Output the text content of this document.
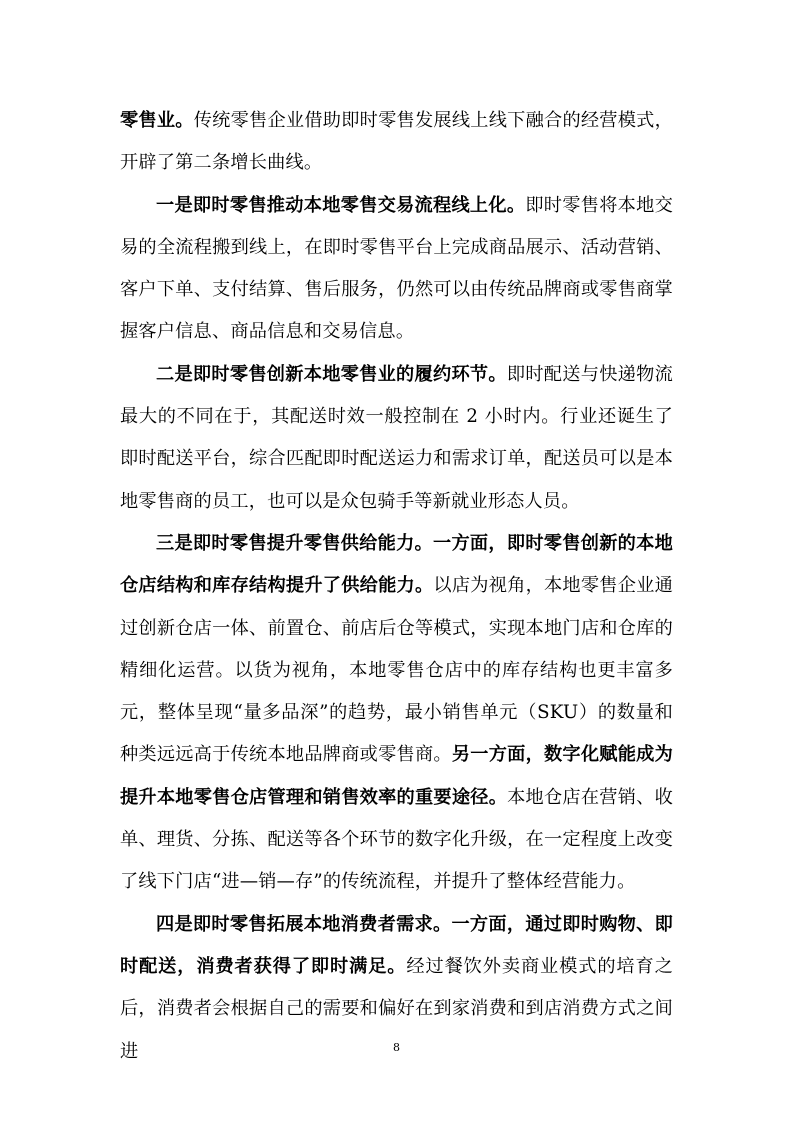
零售业。传统零售企业借助即时零售发展线上线下融合的经营模式，开辟了第二条增长曲线。

一是即时零售推动本地零售交易流程线上化。即时零售将本地交易的全流程搬到线上，在即时零售平台上完成商品展示、活动营销、客户下单、支付结算、售后服务，仍然可以由传统品牌商或零售商掌握客户信息、商品信息和交易信息。

二是即时零售创新本地零售业的履约环节。即时配送与快递物流最大的不同在于，其配送时效一般控制在 2 小时内。行业还诞生了即时配送平台，综合匹配即时配送运力和需求订单，配送员可以是本地零售商的员工，也可以是众包骑手等新就业形态人员。

三是即时零售提升零售供给能力。一方面，即时零售创新的本地仓店结构和库存结构提升了供给能力。以店为视角，本地零售企业通过创新仓店一体、前置仓、前店后仓等模式，实现本地门店和仓库的精细化运营。以货为视角，本地零售仓店中的库存结构也更丰富多元，整体呈现“量多品深”的趋势，最小销售单元（SKU）的数量和种类远远高于传统本地品牌商或零售商。另一方面，数字化赋能成为提升本地零售仓店管理和销售效率的重要途径。本地仓店在营销、收单、理货、分拣、配送等各个环节的数字化升级，在一定程度上改变了线下门店“进—销—存”的传统流程，并提升了整体经营能力。

四是即时零售拓展本地消费者需求。一方面，通过即时购物、即时配送，消费者获得了即时满足。经过餐饮外卖商业模式的培育之后，消费者会根据自己的需要和偏好在到家消费和到店消费方式之间进	8
